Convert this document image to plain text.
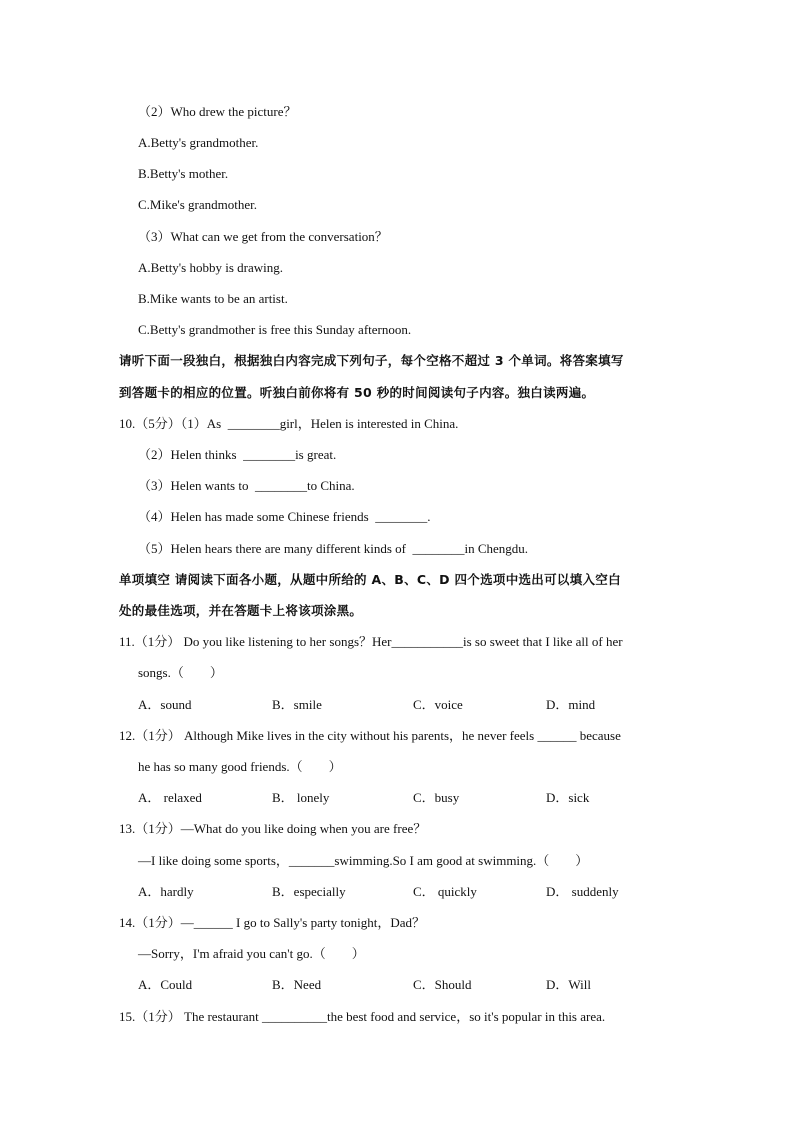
（2）Who drew the picture？
A.Betty's grandmother.
B.Betty's mother.
C.Mike's grandmother.
（3）What can we get from the conversation？
A.Betty's hobby is drawing.
B.Mike wants to be an artist.
C.Betty's grandmother is free this Sunday afternoon.
请听下面一段独白，根据独白内容完成下列句子，每个空格不超过 3 个单词。将答案填写
到答题卡的相应的位置。听独白前你将有 50 秒的时间阅读句子内容。独白读两遍。
10.（5分）（1）As  ________girl，Helen is interested in China.
（2）Helen thinks  ________is great.
（3）Helen wants to  ________to China.
（4）Helen has made some Chinese friends  ________.
（5）Helen hears there are many different kinds of  ________in Chengdu.
单项填空 请阅读下面各小题，从题中所给的 A、B、C、D 四个选项中选出可以填入空白
处的最佳选项，并在答题卡上将该项涂黑。
11.（1分） Do you like listening to her songs？Her___________is so sweet that I like all of her
songs.（　　）
A．sound	B．smile	C．voice	D．mind
12.（1分） Although Mike lives in the city without his parents，he never feels ______ because
he has so many good friends.（　　）
A． relaxed	B． lonely	C．busy	D．sick
13.（1分）—What do you like doing when you are free？
—I like doing some sports，_______swimming.So I am good at swimming.（　　）
A．hardly	B．especially	C． quickly	D． suddenly
14.（1分）—______ I go to Sally's party tonight，Dad？
—Sorry，I'm afraid you can't go.（　　）
A．Could	B．Need	C．Should	D．Will
15.（1分） The restaurant __________the best food and service，so it's popular in this area.
